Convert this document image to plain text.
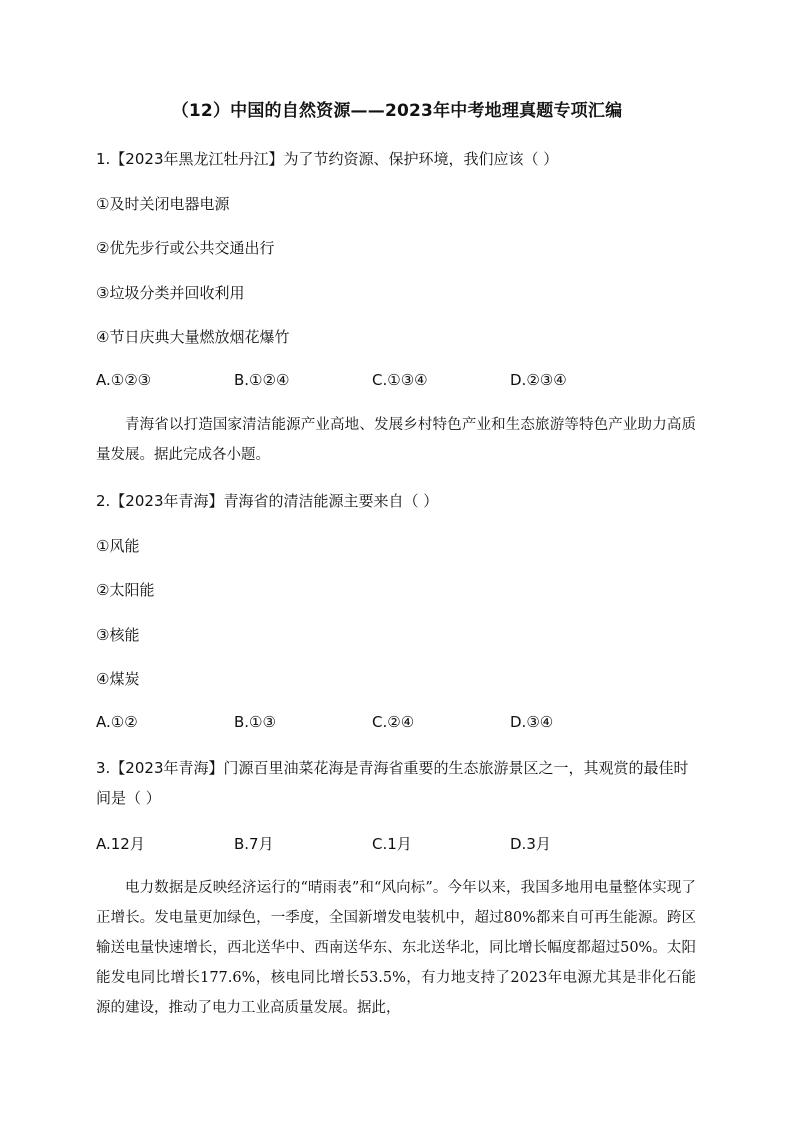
（12）中国的自然资源——2023年中考地理真题专项汇编
1.【2023年黑龙江牡丹江】为了节约资源、保护环境，我们应该（ ）
①及时关闭电器电源
②优先步行或公共交通出行
③垃圾分类并回收利用
④节日庆典大量燃放烟花爆竹
A.①②③	B.①②④	C.①③④	D.②③④
青海省以打造国家清洁能源产业高地、发展乡村特色产业和生态旅游等特色产业助力高质量发展。据此完成各小题。
2.【2023年青海】青海省的清洁能源主要来自（ ）
①风能
②太阳能
③核能
④煤炭
A.①②	B.①③	C.②④	D.③④
3.【2023年青海】门源百里油菜花海是青海省重要的生态旅游景区之一，其观赏的最佳时间是（ ）
A.12月	B.7月	C.1月	D.3月
电力数据是反映经济运行的“晴雨表”和“风向标”。今年以来，我国多地用电量整体实现了正增长。发电量更加绿色，一季度，全国新增发电装机中，超过80%都来自可再生能源。跨区输送电量快速增长，西北送华中、西南送华东、东北送华北，同比增长幅度都超过50%。太阳能发电同比增长177.6%，核电同比增长53.5%，有力地支持了2023年电源尤其是非化石能源的建设，推动了电力工业高质量发展。据此，
